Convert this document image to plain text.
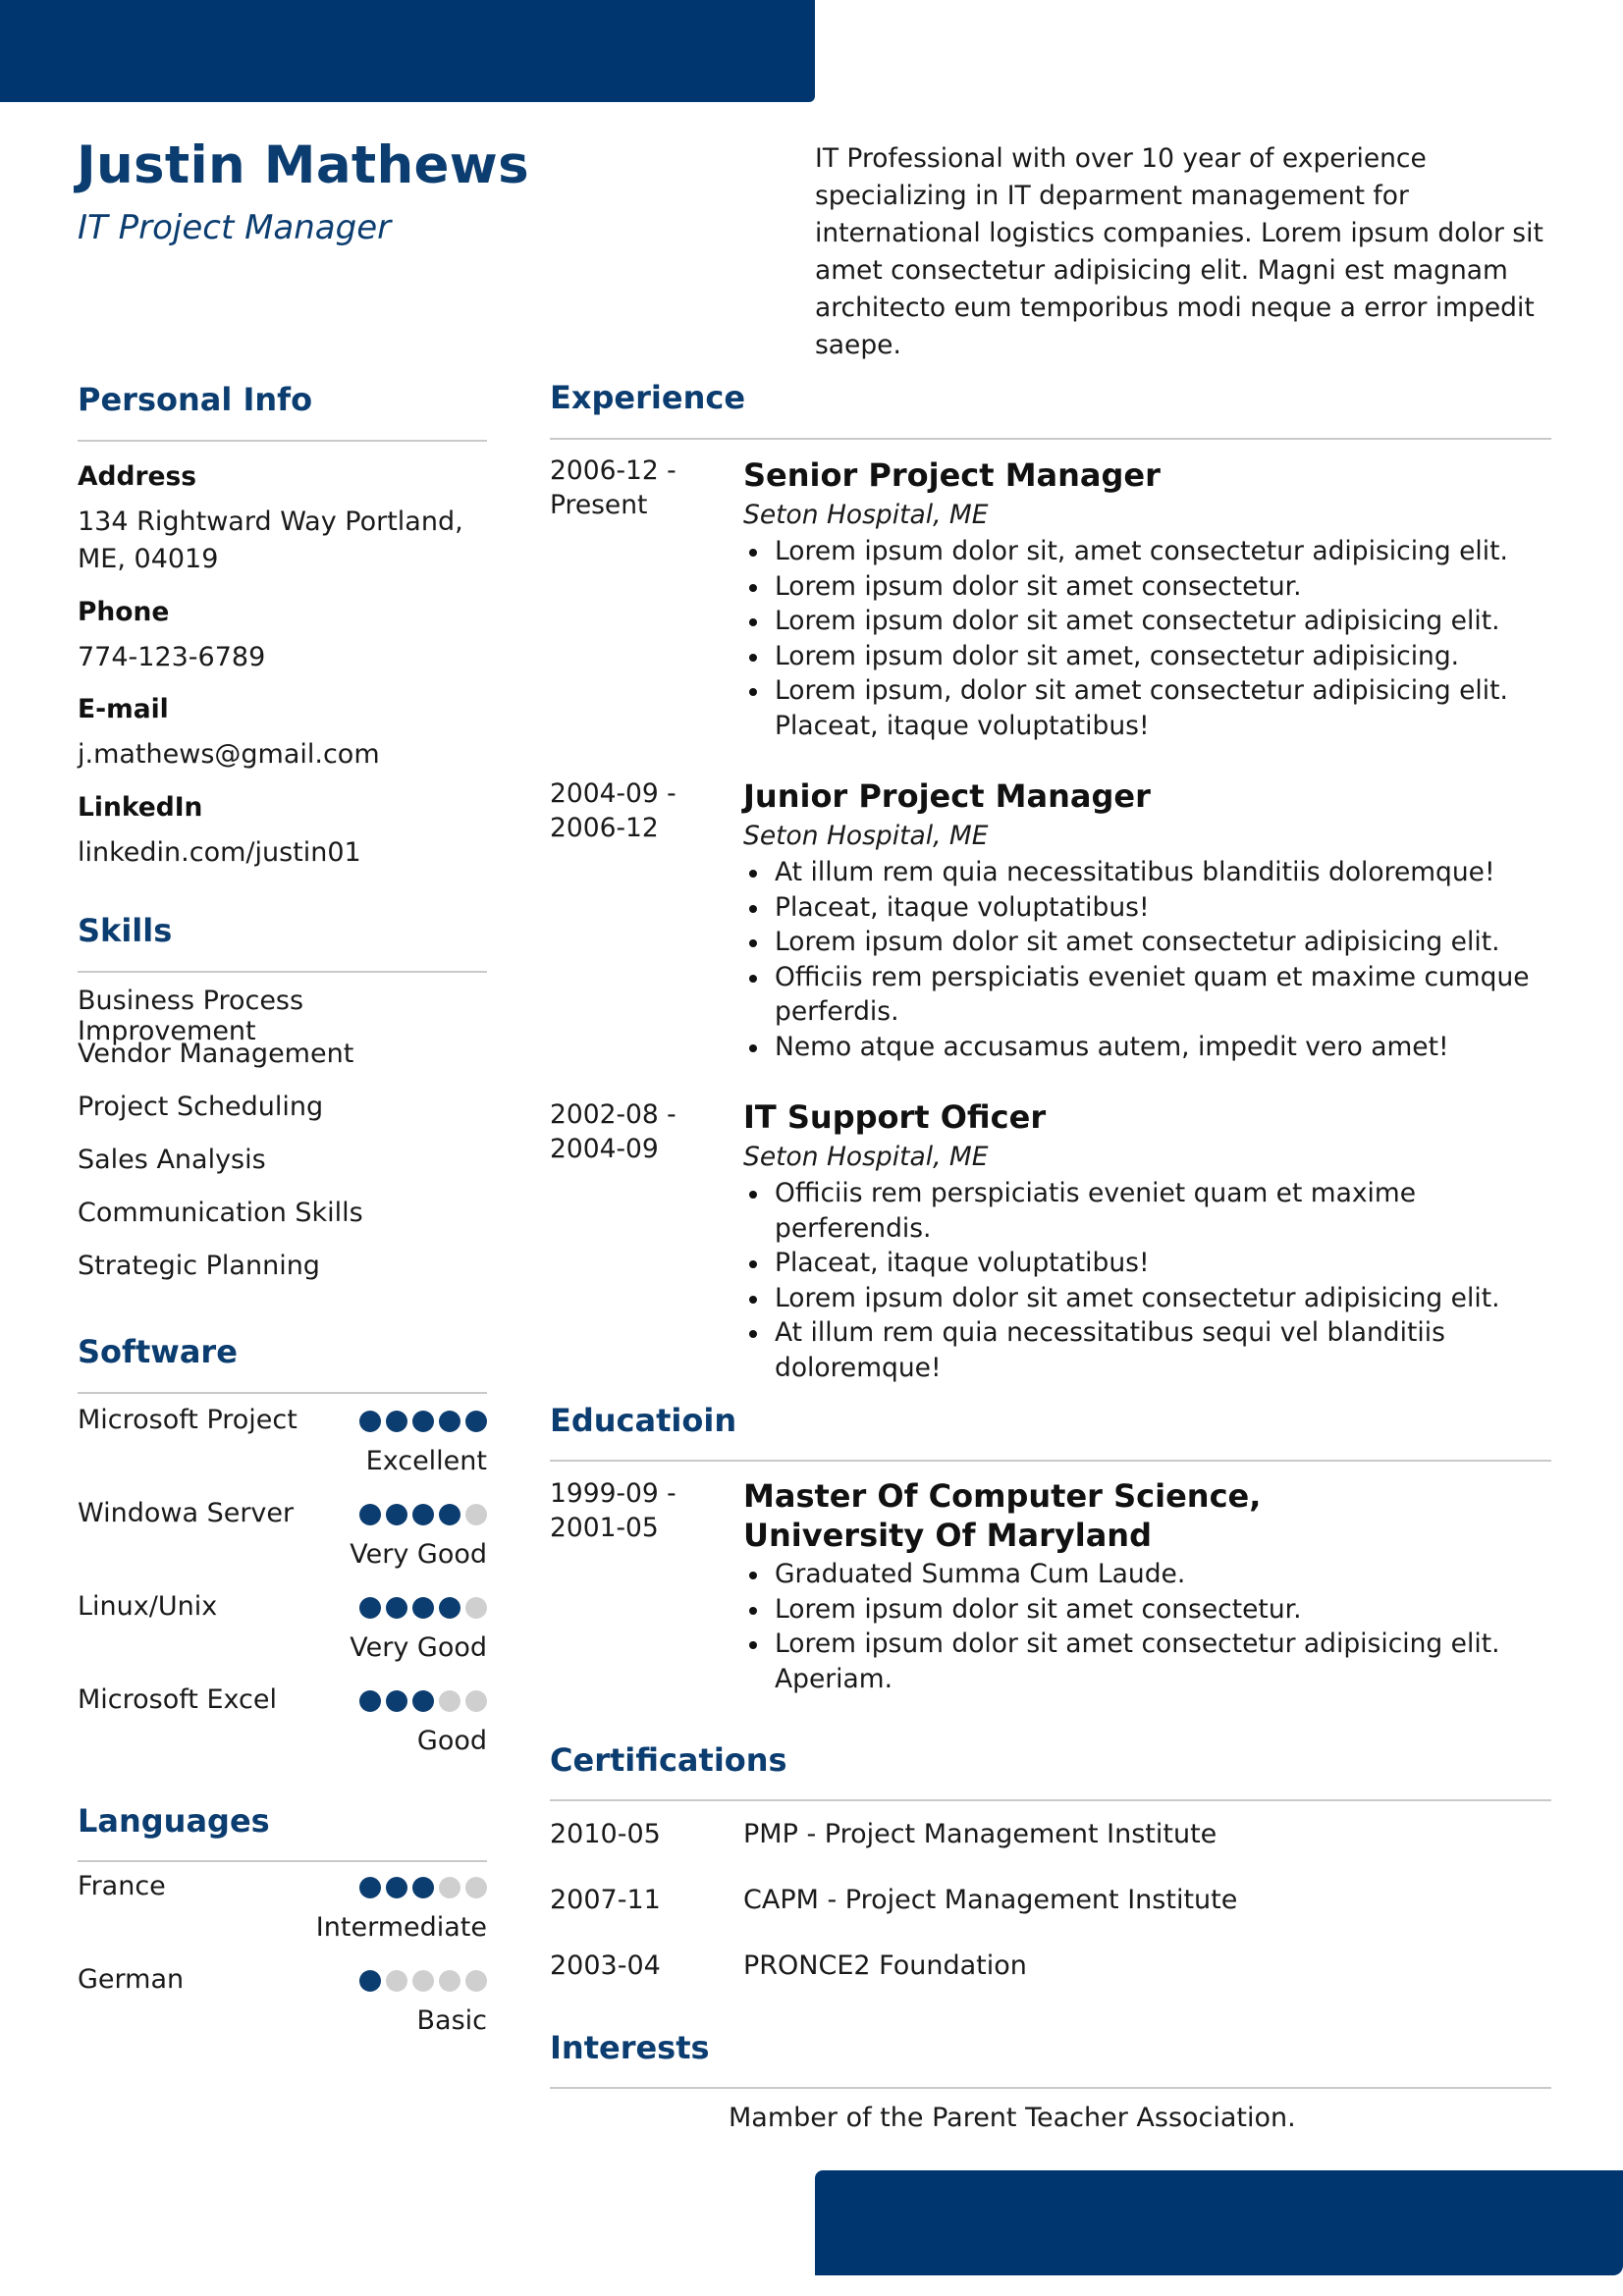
Justin Mathews
IT Project Manager
IT Professional with over 10 year of experience specializing in IT deparment management for international logistics companies. Lorem ipsum dolor sit amet consectetur adipisicing elit. Magni est magnam architecto eum temporibus modi neque a error impedit saepe.
Personal Info
Address
134 Rightward Way Portland,
ME, 04019
Phone
774-123-6789
E-mail
j.mathews@gmail.com
LinkedIn
linkedin.com/justin01
Skills
Business Process Improvement
Vendor Management
Project Scheduling
Sales Analysis
Communication Skills
Strategic Planning
Software
Microsoft Project
Excellent
Windowa Server
Very Good
Linux/Unix
Very Good
Microsoft Excel
Good
Languages
France
Intermediate
German
Basic
Experience
2006-12 -
Present
Senior Project Manager
Seton Hospital, ME
Lorem ipsum dolor sit, amet consectetur adipisicing elit.
Lorem ipsum dolor sit amet consectetur.
Lorem ipsum dolor sit amet consectetur adipisicing elit.
Lorem ipsum dolor sit amet, consectetur adipisicing.
Lorem ipsum, dolor sit amet consectetur adipisicing elit. Placeat, itaque voluptatibus!
2004-09 -
2006-12
Junior Project Manager
Seton Hospital, ME
At illum rem quia necessitatibus blanditiis doloremque!
Placeat, itaque voluptatibus!
Lorem ipsum dolor sit amet consectetur adipisicing elit.
Officiis rem perspiciatis eveniet quam et maxime cumque perferdis.
Nemo atque accusamus autem, impedit vero amet!
2002-08 -
2004-09
IT Support Oficer
Seton Hospital, ME
Officiis rem perspiciatis eveniet quam et maxime perferendis.
Placeat, itaque voluptatibus!
Lorem ipsum dolor sit amet consectetur adipisicing elit.
At illum rem quia necessitatibus sequi vel blanditiis doloremque!
Educatioin
1999-09 -
2001-05
Master Of Computer Science, University Of Maryland
Graduated Summa Cum Laude.
Lorem ipsum dolor sit amet consectetur.
Lorem ipsum dolor sit amet consectetur adipisicing elit. Aperiam.
Certifications
2010-05	PMP - Project Management Institute
2007-11	CAPM - Project Management Institute
2003-04	PRONCE2 Foundation
Interests
Mamber of the Parent Teacher Association.
